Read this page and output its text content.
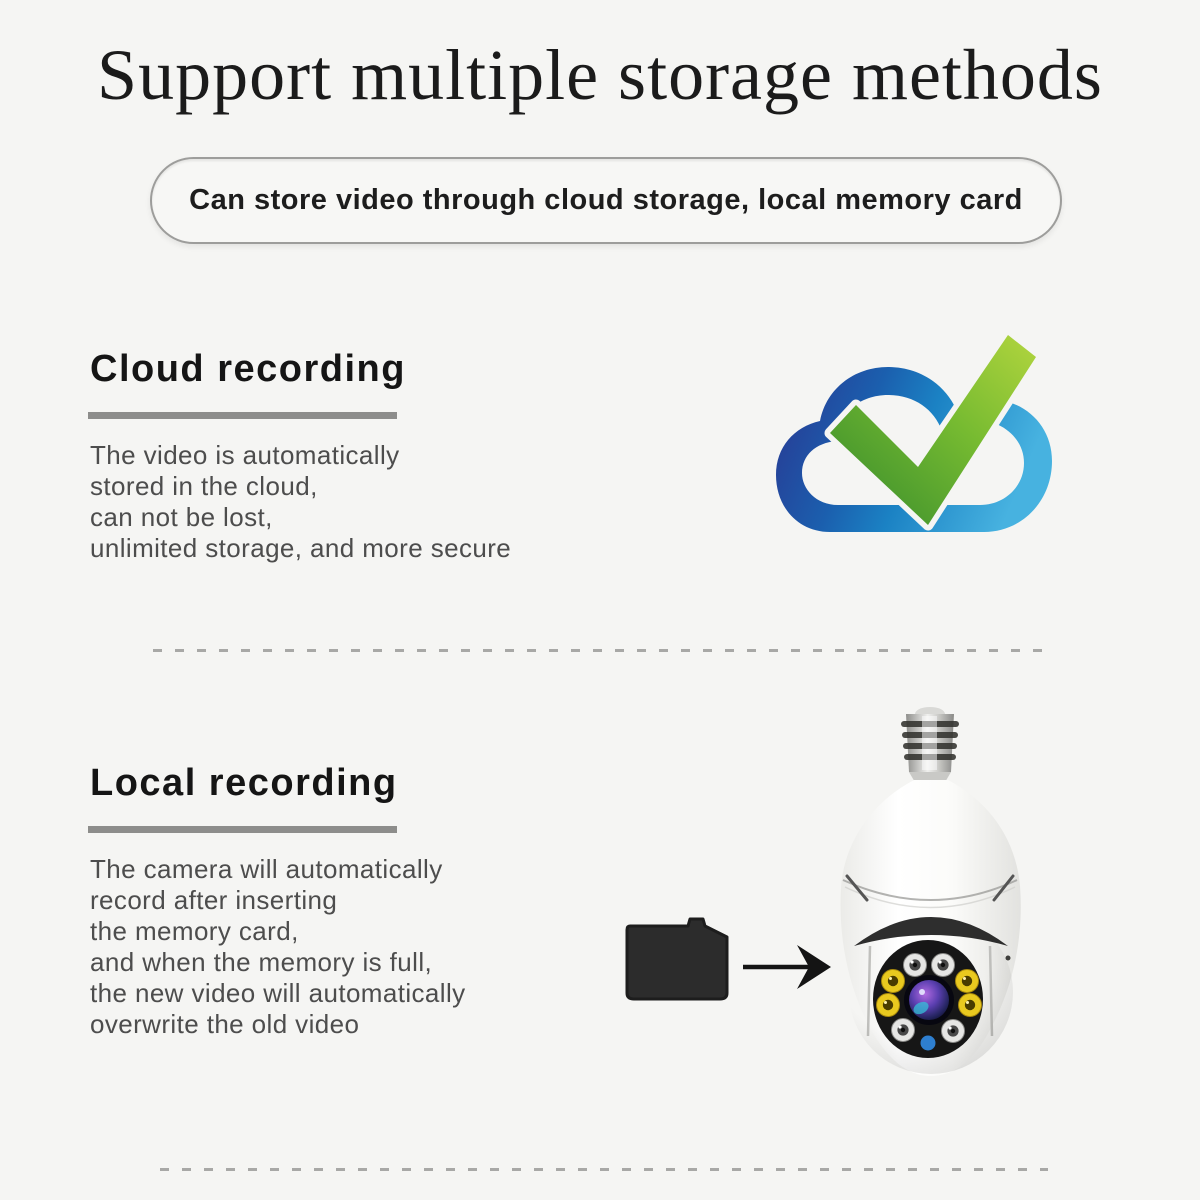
Support multiple storage methods
Can store video through cloud storage, local memory card
Cloud recording
The video is automatically
stored in the cloud,
can not be lost,
unlimited storage, and more secure
Local recording
The camera will automatically
record after inserting
the memory card,
and when the memory is full,
the new video will automatically
overwrite the old video
